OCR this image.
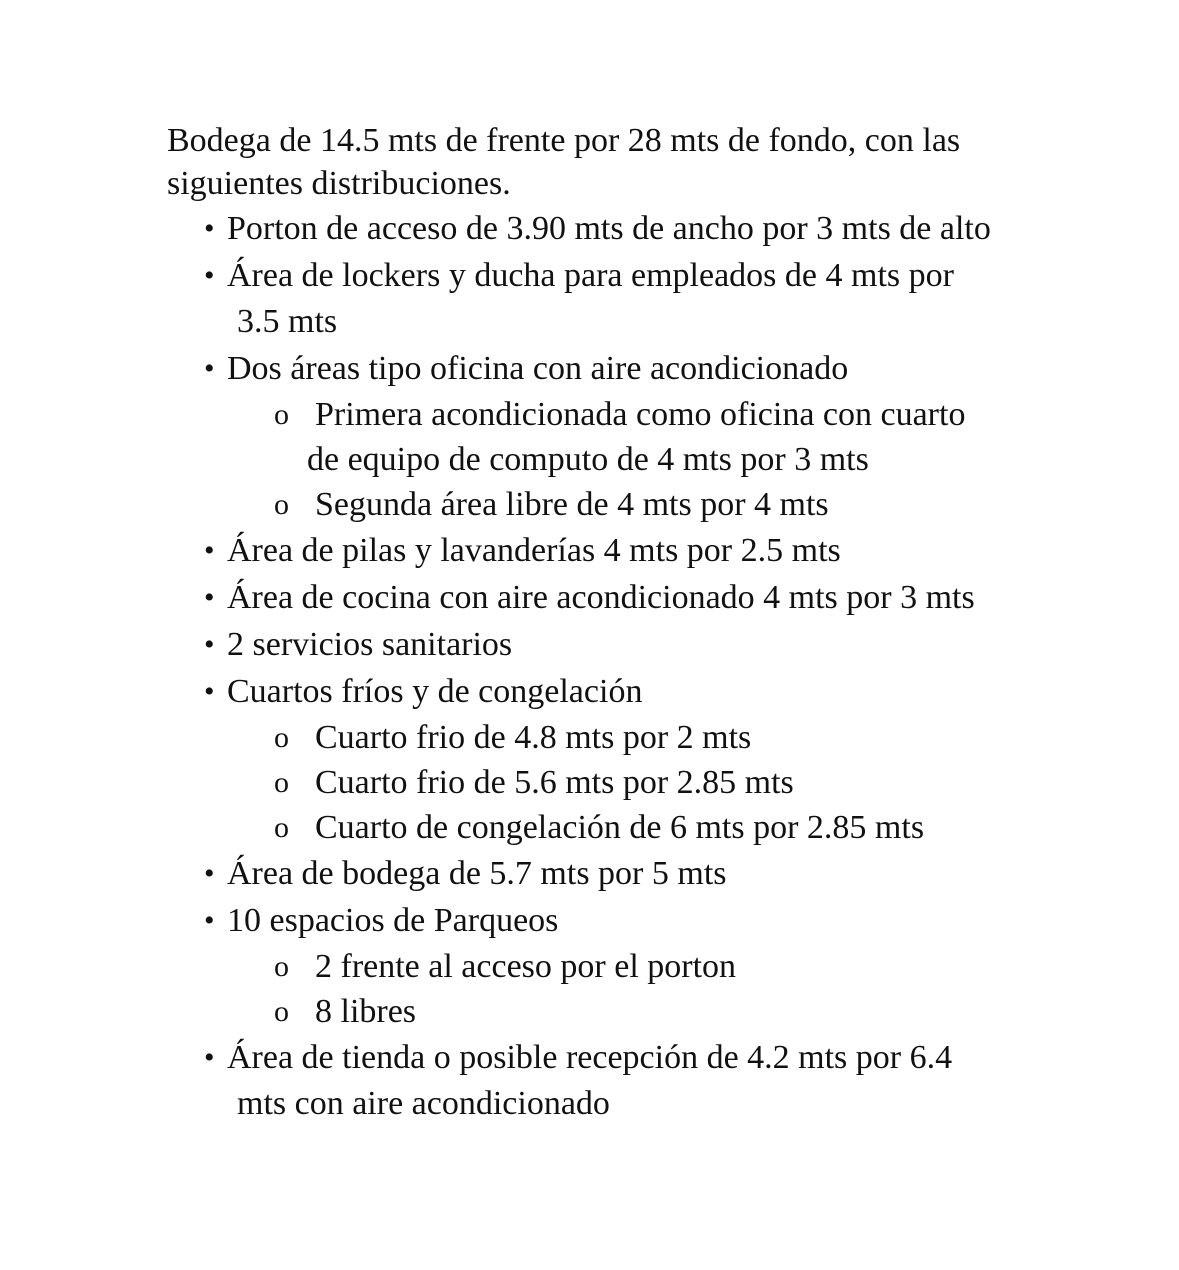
Bodega de 14.5 mts de frente por 28 mts de fondo, con las
siguientes distribuciones.

• Porton de acceso de 3.90 mts de ancho por 3 mts de alto
• Área de lockers y ducha para empleados de 4 mts por
3.5 mts
• Dos áreas tipo oficina con aire acondicionado
o Primera acondicionada como oficina con cuarto
de equipo de computo de 4 mts por 3 mts
o Segunda área libre de 4 mts por 4 mts
• Área de pilas y lavanderías 4 mts por 2.5 mts
• Área de cocina con aire acondicionado 4 mts por 3 mts
• 2 servicios sanitarios
• Cuartos fríos y de congelación
o Cuarto frio de 4.8 mts por 2 mts
o Cuarto frio de 5.6 mts por 2.85 mts
o Cuarto de congelación de 6 mts por 2.85 mts
• Área de bodega de 5.7 mts por 5 mts
• 10 espacios de Parqueos
o 2 frente al acceso por el porton
o 8 libres
• Área de tienda o posible recepción de 4.2 mts por 6.4
mts con aire acondicionado
